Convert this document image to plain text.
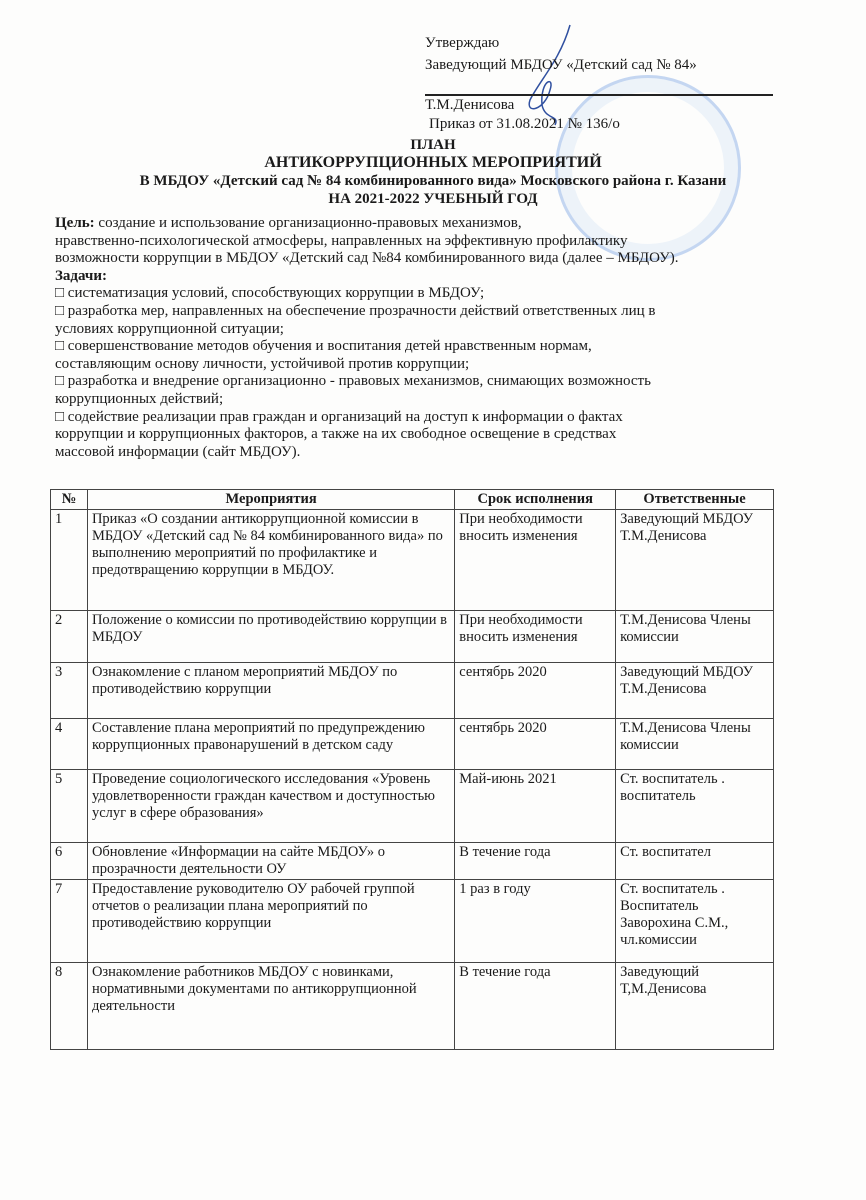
Утверждаю
Заведующий МБДОУ «Детский сад № 84»
Т.М.Денисова
Приказ от 31.08.2021 № 136/о
ПЛАН
АНТИКОРРУПЦИОННЫХ МЕРОПРИЯТИЙ
В МБДОУ «Детский сад № 84 комбинированного вида» Московского района г. Казани
НА 2021-2022 УЧЕБНЫЙ ГОД

Цель: создание и использование организационно-правовых механизмов,

нравственно-психологической атмосферы, направленных на эффективную профилактику

возможности коррупции в МБДОУ «Детский сад №84 комбинированного вида (далее – МБДОУ).

Задачи:

□ систематизация условий, способствующих коррупции в МБДОУ;

□ разработка мер, направленных на обеспечение прозрачности действий ответственных лиц в

условиях коррупционной ситуации;

□ совершенствование методов обучения и воспитания детей нравственным нормам,

составляющим основу личности, устойчивой против коррупции;

□ разработка и внедрение организационно - правовых механизмов, снимающих возможность

коррупционных действий;

□ содействие реализации прав граждан и организаций на доступ к информации о фактах

коррупции и коррупционных факторов, а также на их свободное освещение в средствах

массовой информации (сайт МБДОУ).

№	Мероприятия	Срок исполнения	Ответственные
1	Приказ «О создании антикоррупционной комиссии в МБДОУ «Детский сад № 84 комбинированного вида» по выполнению мероприятий по профилактике и предотвращению коррупции в МБДОУ.	При необходимости вносить изменения	Заведующий МБДОУ Т.М.Денисова
2	Положение о комиссии по противодействию коррупции в МБДОУ	При необходимости вносить изменения	Т.М.Денисова Члены комиссии
3	Ознакомление с планом мероприятий МБДОУ по противодействию коррупции	сентябрь 2020	Заведующий МБДОУ Т.М.Денисова
4	Составление плана мероприятий по предупреждению коррупционных правонарушений в детском саду	сентябрь 2020	Т.М.Денисова Члены комиссии
5	Проведение социологического исследования «Уровень удовлетворенности граждан качеством и доступностью услуг в сфере образования»	Май-июнь 2021	Ст. воспитатель . воспитатель
6	Обновление «Информации на сайте МБДОУ» о прозрачности деятельности ОУ	В течение года	Ст. воспитател
7	Предоставление руководителю ОУ рабочей группой отчетов о реализации плана мероприятий по противодействию коррупции	1 раз в году	Ст. воспитатель . Воспитатель Заворохина С.М., чл.комиссии
8	Ознакомление работников МБДОУ с новинками, нормативными документами по антикоррупционной деятельности	В течение года	Заведующий Т,М.Денисова
